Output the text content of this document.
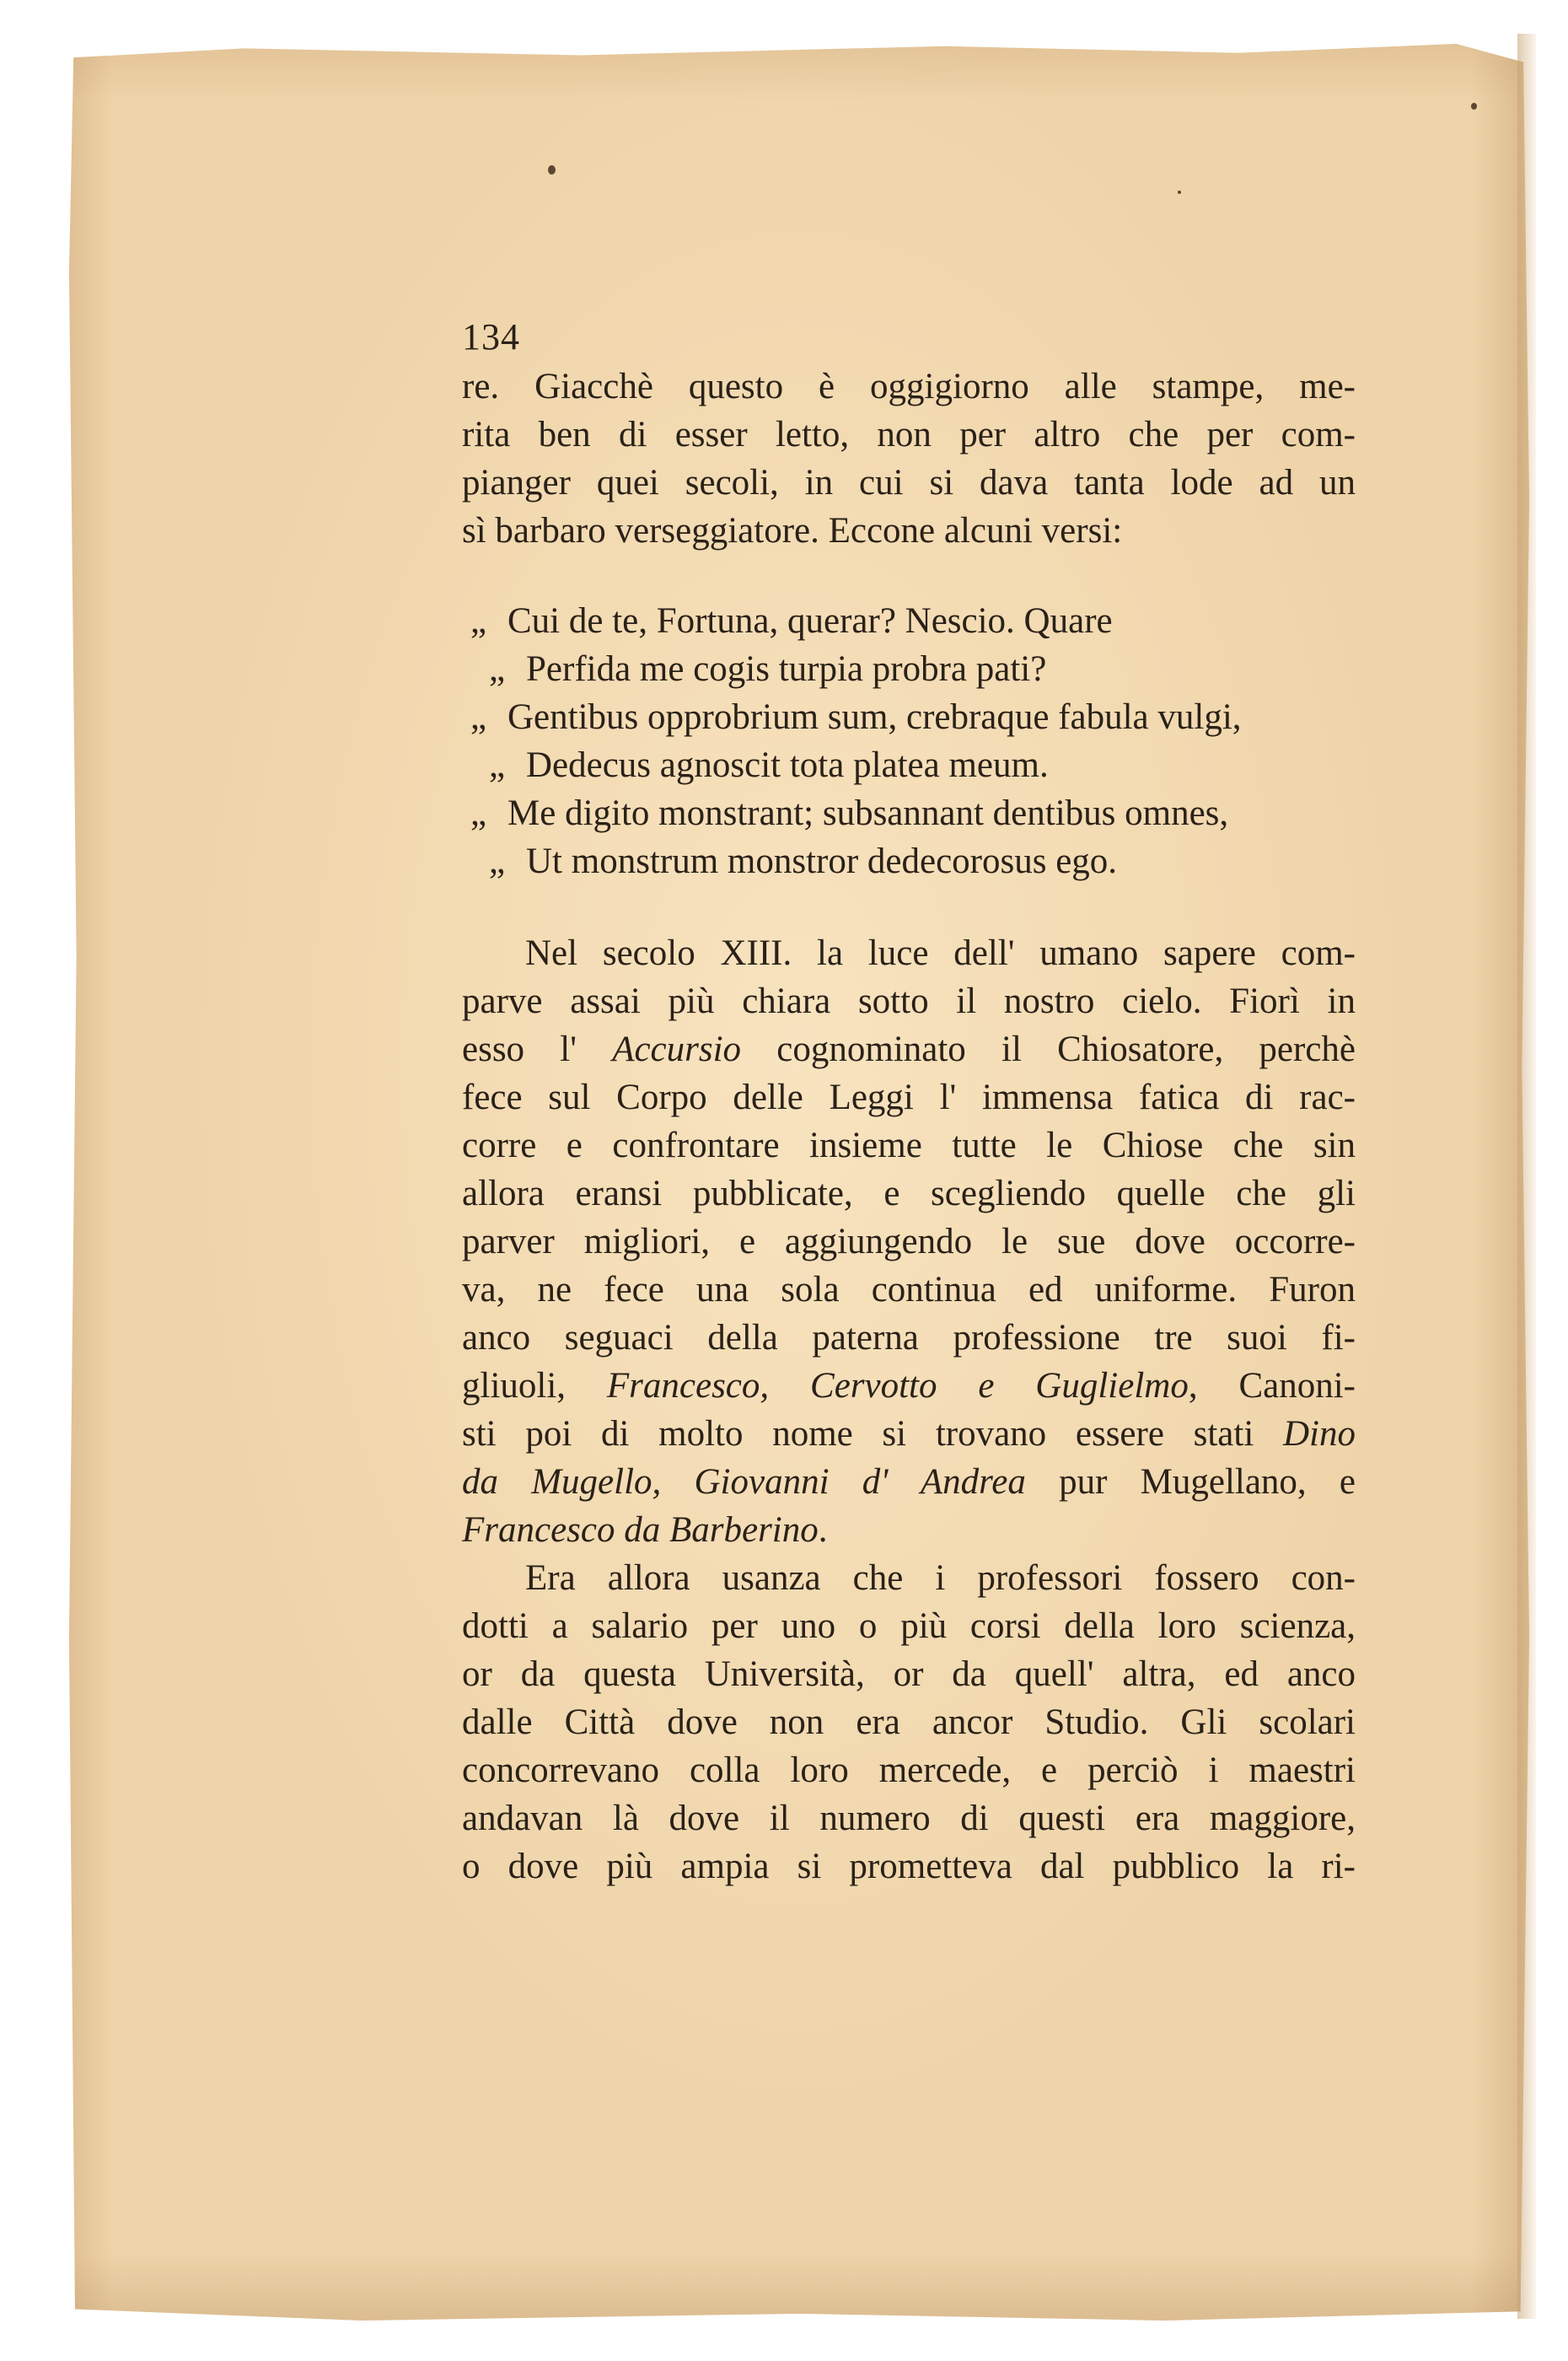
134
re. Giacchè questo è oggigiorno alle stampe, me-
rita ben di esser letto, non per altro che per com-
pianger quei secoli, in cui si dava tanta lode ad un
sì barbaro verseggiatore. Eccone alcuni versi:
„ Cui de te, Fortuna, querar? Nescio. Quare
„ Perfida me cogis turpia probra pati?
„ Gentibus opprobrium sum, crebraque fabula vulgi,
„ Dedecus agnoscit tota platea meum.
„ Me digito monstrant; subsannant dentibus omnes,
„ Ut monstrum monstror dedecorosus ego.
Nel secolo XIII. la luce dell' umano sapere com-
parve assai più chiara sotto il nostro cielo. Fiorì in
esso l' Accursio cognominato il Chiosatore, perchè
fece sul Corpo delle Leggi l' immensa fatica di rac-
corre e confrontare insieme tutte le Chiose che sin
allora eransi pubblicate, e scegliendo quelle che gli
parver migliori, e aggiungendo le sue dove occorre-
va, ne fece una sola continua ed uniforme. Furon
anco seguaci della paterna professione tre suoi fi-
gliuoli, Francesco, Cervotto e Guglielmo, Canoni-
sti poi di molto nome si trovano essere stati Dino
da Mugello, Giovanni d' Andrea pur Mugellano, e
Francesco da Barberino.
Era allora usanza che i professori fossero con-
dotti a salario per uno o più corsi della loro scienza,
or da questa Università, or da quell' altra, ed anco
dalle Città dove non era ancor Studio. Gli scolari
concorrevano colla loro mercede, e perciò i maestri
andavan là dove il numero di questi era maggiore,
o dove più ampia si prometteva dal pubblico la ri-
